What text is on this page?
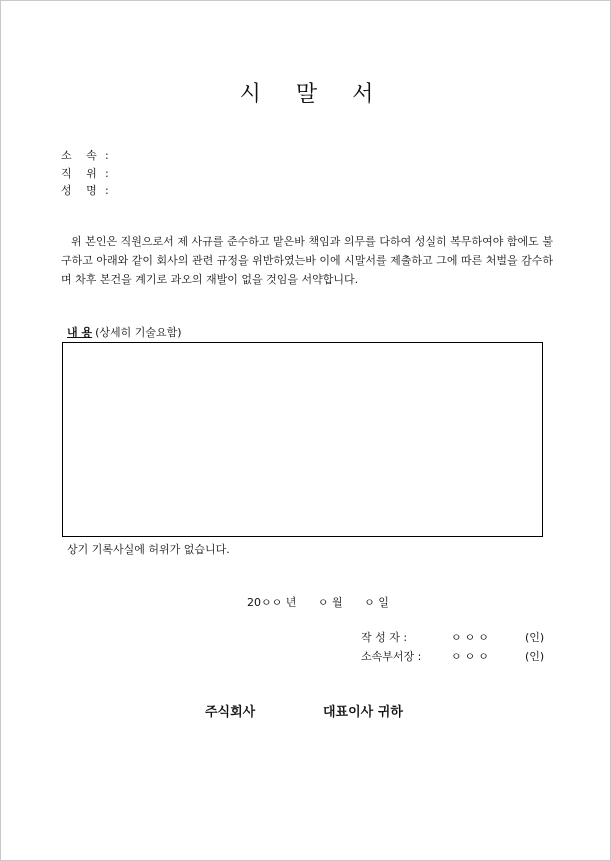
시 말 서
소 속 :
직 위 :
성 명 :
위 본인은 직원으로서 제 사규를 준수하고 맡은바 책임과 의무를 다하여 성실히 복무하여야 함에도 불구하고 아래와 같이 회사의 관련 규정을 위반하였는바 이에 시말서를 제출하고 그에 따른 처벌을 감수하며 차후 본건을 계기로 과오의 재발이 없을 것임을 서약합니다.
내 용 (상세히 기술요함)
상기 기록사실에 허위가 없습니다.
20ㅇㅇ 년 ㅇ 월 ㅇ 일
작 성 자 :	ㅇㅇㅇ	(인)
소속부서장 :	ㅇㅇㅇ	(인)
주식회사	대표이사 귀하
